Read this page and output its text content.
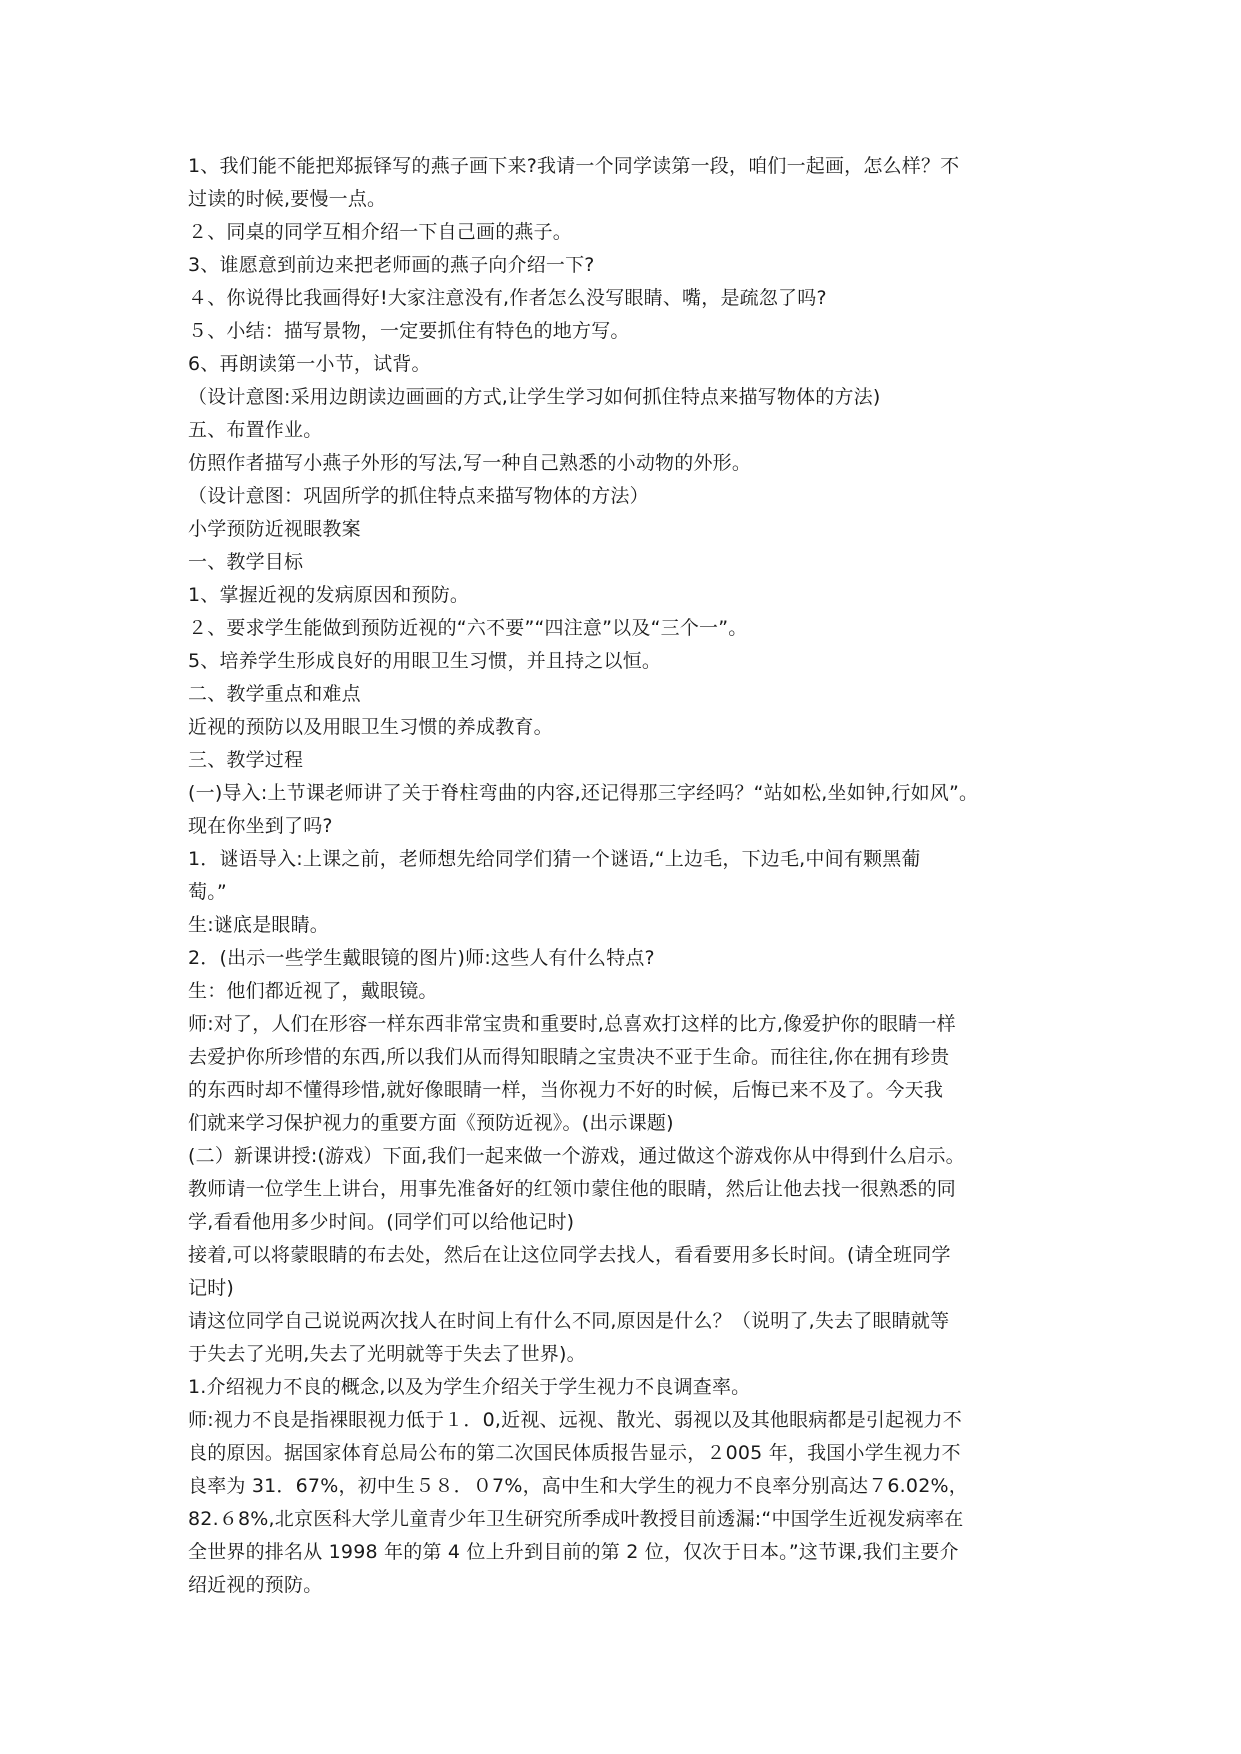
1、我们能不能把郑振铎写的燕子画下来?我请一个同学读第一段，咱们一起画，怎么样？不
过读的时候,要慢一点。
２、同桌的同学互相介绍一下自己画的燕子。
3、谁愿意到前边来把老师画的燕子向介绍一下?
４、你说得比我画得好!大家注意没有,作者怎么没写眼睛、嘴，是疏忽了吗?
５、小结：描写景物，一定要抓住有特色的地方写。
6、再朗读第一小节，试背。
（设计意图:采用边朗读边画画的方式,让学生学习如何抓住特点来描写物体的方法)
五、布置作业。
仿照作者描写小燕子外形的写法,写一种自己熟悉的小动物的外形。
（设计意图：巩固所学的抓住特点来描写物体的方法）
小学预防近视眼教案
一、教学目标
1、掌握近视的发病原因和预防。
２、要求学生能做到预防近视的“六不要”“四注意”以及“三个一”。
5、培养学生形成良好的用眼卫生习惯，并且持之以恒。
二、教学重点和难点
近视的预防以及用眼卫生习惯的养成教育。
三、教学过程
(一)导入:上节课老师讲了关于脊柱弯曲的内容,还记得那三字经吗？“站如松,坐如钟,行如风”。
现在你坐到了吗?
1．谜语导入:上课之前，老师想先给同学们猜一个谜语,“上边毛，下边毛,中间有颗黑葡
萄。”
生:谜底是眼睛。
2．(出示一些学生戴眼镜的图片)师:这些人有什么特点?
生：他们都近视了，戴眼镜。
师:对了，人们在形容一样东西非常宝贵和重要时,总喜欢打这样的比方,像爱护你的眼睛一样
去爱护你所珍惜的东西,所以我们从而得知眼睛之宝贵决不亚于生命。而往往,你在拥有珍贵
的东西时却不懂得珍惜,就好像眼睛一样，当你视力不好的时候，后悔已来不及了。今天我
们就来学习保护视力的重要方面《预防近视》。(出示课题)
(二）新课讲授:(游戏）下面,我们一起来做一个游戏，通过做这个游戏你从中得到什么启示。
教师请一位学生上讲台，用事先准备好的红领巾蒙住他的眼睛，然后让他去找一很熟悉的同
学,看看他用多少时间。(同学们可以给他记时)
接着,可以将蒙眼睛的布去处，然后在让这位同学去找人，看看要用多长时间。(请全班同学
记时)
请这位同学自己说说两次找人在时间上有什么不同,原因是什么？（说明了,失去了眼睛就等
于失去了光明,失去了光明就等于失去了世界)。
1.介绍视力不良的概念,以及为学生介绍关于学生视力不良调查率。
师:视力不良是指裸眼视力低于１．0,近视、远视、散光、弱视以及其他眼病都是引起视力不
良的原因。据国家体育总局公布的第二次国民体质报告显示，２005 年，我国小学生视力不
良率为 31．67%，初中生５８．０7%，高中生和大学生的视力不良率分别高达７6.02%，
82.６8%,北京医科大学儿童青少年卫生研究所季成叶教授目前透漏:“中国学生近视发病率在
全世界的排名从 1998 年的第 4 位上升到目前的第 2 位，仅次于日本。”这节课,我们主要介
绍近视的预防。
